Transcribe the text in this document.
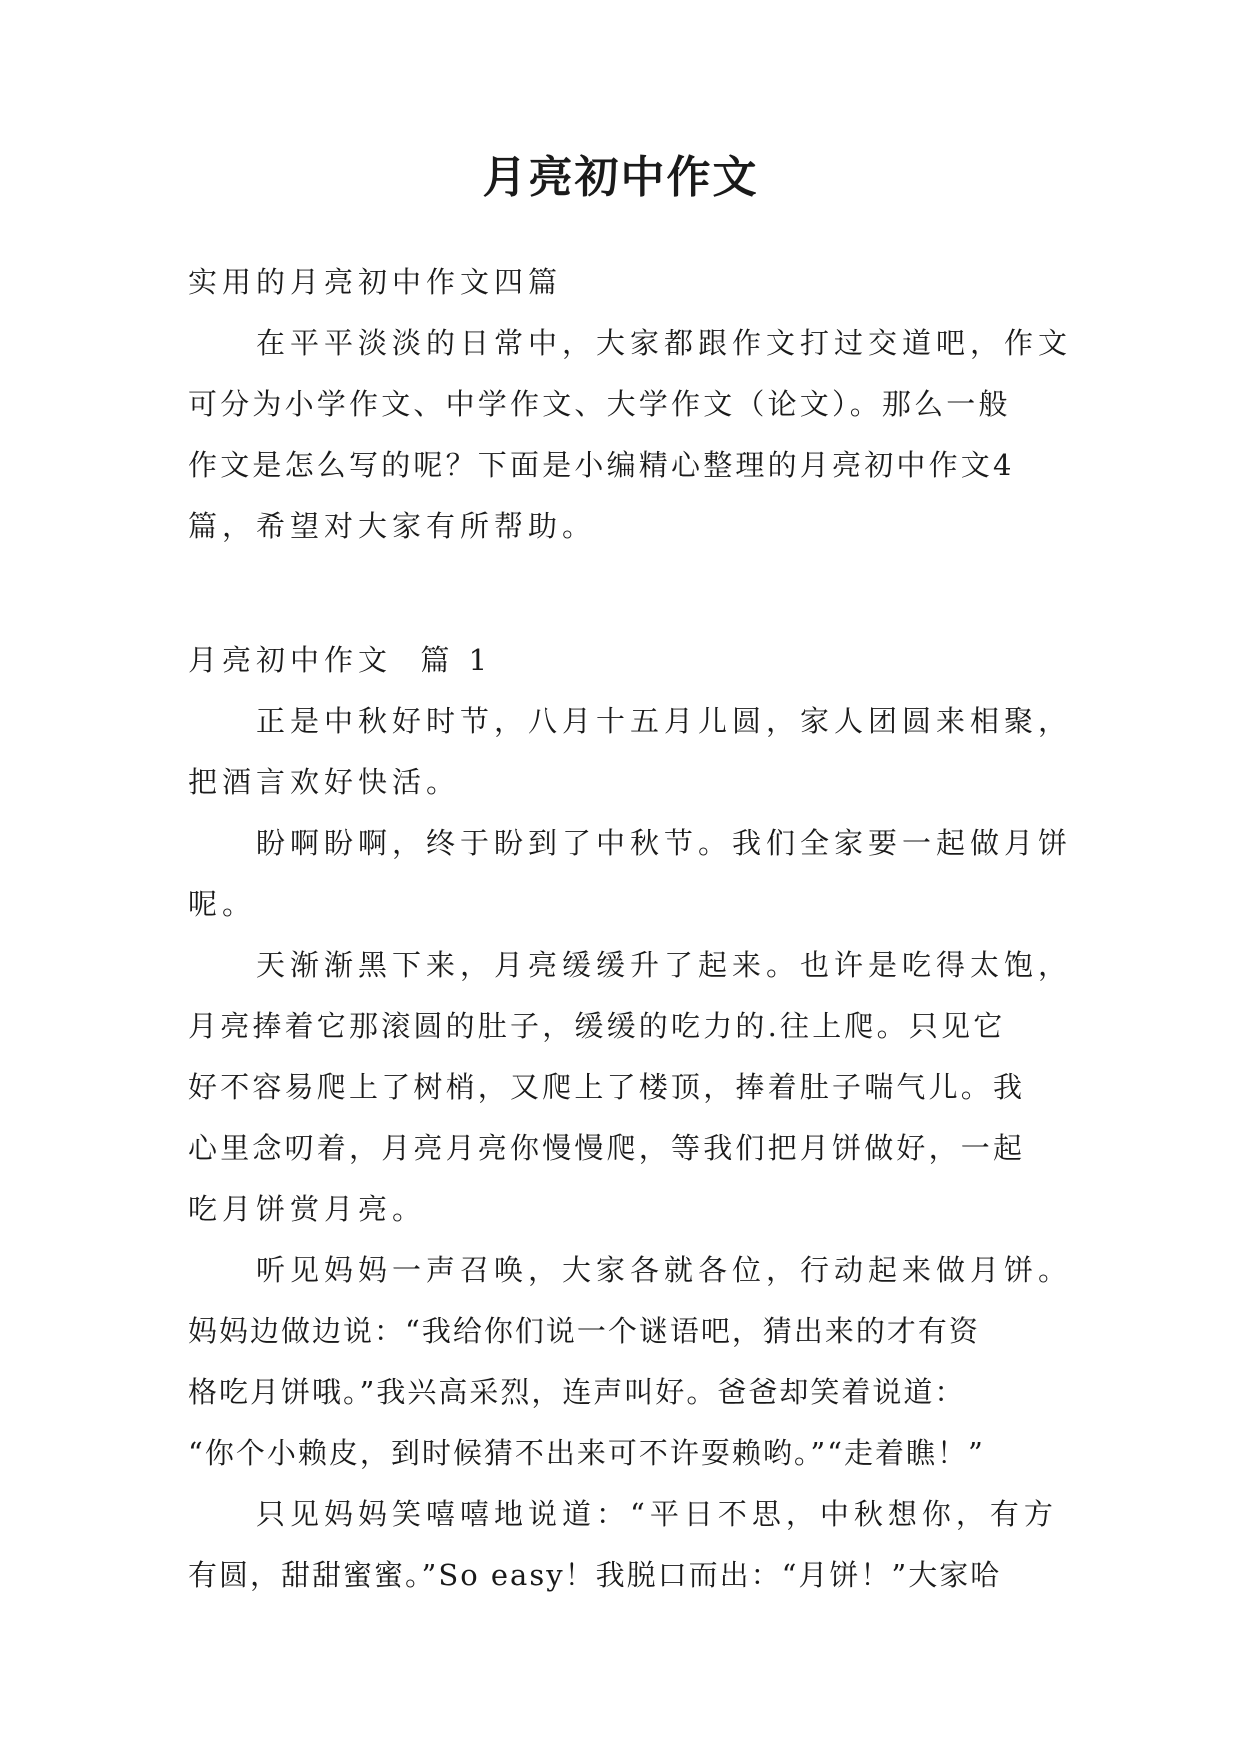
月亮初中作文
实用的月亮初中作文四篇
在平平淡淡的日常中，大家都跟作文打过交道吧，作文
可分为小学作文、中学作文、大学作文（论文）。那么一般
作文是怎么写的呢？下面是小编精心整理的月亮初中作文4
篇，希望对大家有所帮助。
月亮初中作文  篇 1
正是中秋好时节，八月十五月儿圆，家人团圆来相聚，
把酒言欢好快活。
盼啊盼啊，终于盼到了中秋节。我们全家要一起做月饼
呢。
天渐渐黑下来，月亮缓缓升了起来。也许是吃得太饱，
月亮捧着它那滚圆的肚子，缓缓的吃力的.往上爬。只见它
好不容易爬上了树梢，又爬上了楼顶，捧着肚子喘气儿。我
心里念叨着，月亮月亮你慢慢爬，等我们把月饼做好，一起
吃月饼赏月亮。
听见妈妈一声召唤，大家各就各位，行动起来做月饼。
妈妈边做边说：“我给你们说一个谜语吧，猜出来的才有资
格吃月饼哦。”我兴高采烈，连声叫好。爸爸却笑着说道：
“你个小赖皮，到时候猜不出来可不许耍赖哟。”“走着瞧！”
只见妈妈笑嘻嘻地说道：“平日不思，中秋想你，有方
有圆，甜甜蜜蜜。”So easy！我脱口而出：“月饼！”大家哈
